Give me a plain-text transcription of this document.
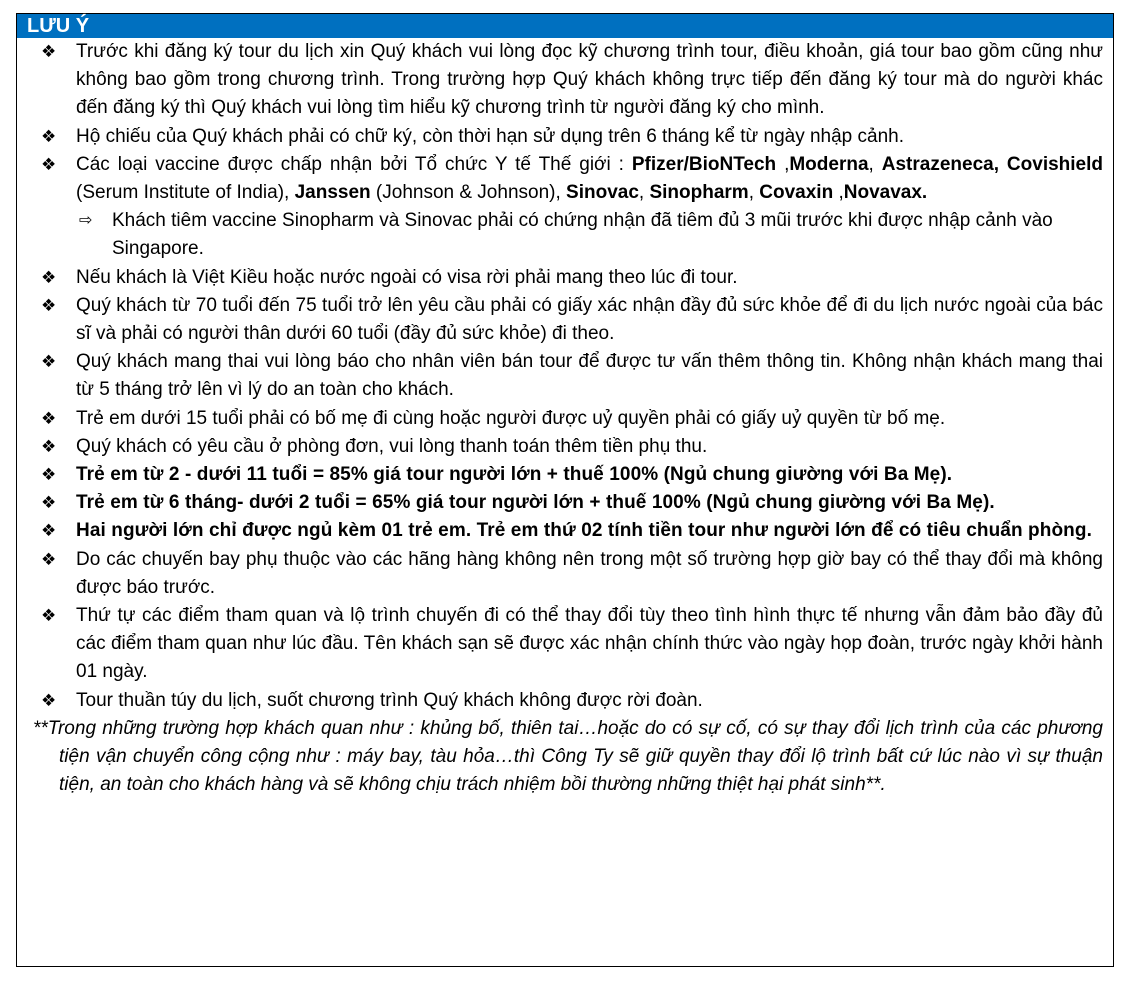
LƯU Ý
❖ Trước khi đăng ký tour du lịch xin Quý khách vui lòng đọc kỹ chương trình tour, điều khoản, giá tour bao gồm cũng như không bao gồm trong chương trình. Trong trường hợp Quý khách không trực tiếp đến đăng ký tour mà do người khác đến đăng ký thì Quý khách vui lòng tìm hiểu kỹ chương trình từ người đăng ký cho mình.
❖ Hộ chiếu của Quý khách phải có chữ ký, còn thời hạn sử dụng trên 6 tháng kể từ ngày nhập cảnh.
❖ Các loại vaccine được chấp nhận bởi Tổ chức Y tế Thế giới : Pfizer/BioNTech ,Moderna, Astrazeneca, Covishield (Serum Institute of India), Janssen (Johnson & Johnson), Sinovac, Sinopharm, Covaxin ,Novavax.
⇨ Khách tiêm vaccine Sinopharm và Sinovac phải có chứng nhận đã tiêm đủ 3 mũi trước khi được nhập cảnh vào Singapore.
❖ Nếu khách là Việt Kiều hoặc nước ngoài có visa rời phải mang theo lúc đi tour.
❖ Quý khách từ 70 tuổi đến 75 tuổi trở lên yêu cầu phải có giấy xác nhận đầy đủ sức khỏe để đi du lịch nước ngoài của bác sĩ và phải có người thân dưới 60 tuổi (đầy đủ sức khỏe) đi theo.
❖ Quý khách mang thai vui lòng báo cho nhân viên bán tour để được tư vấn thêm thông tin. Không nhận khách mang thai từ 5 tháng trở lên vì lý do an toàn cho khách.
❖ Trẻ em dưới 15 tuổi phải có bố mẹ đi cùng hoặc người được uỷ quyền phải có giấy uỷ quyền từ bố mẹ.
❖ Quý khách có yêu cầu ở phòng đơn, vui lòng thanh toán thêm tiền phụ thu.
❖ Trẻ em từ 2 - dưới 11 tuổi = 85% giá tour người lớn + thuế 100% (Ngủ chung giường với Ba Mẹ).
❖ Trẻ em từ 6 tháng- dưới 2 tuổi = 65% giá tour người lớn + thuế 100% (Ngủ chung giường với Ba Mẹ).
❖ Hai người lớn chỉ được ngủ kèm 01 trẻ em. Trẻ em thứ 02 tính tiền tour như người lớn để có tiêu chuẩn phòng.
❖ Do các chuyến bay phụ thuộc vào các hãng hàng không nên trong một số trường hợp giờ bay có thể thay đổi mà không được báo trước.
❖ Thứ tự các điểm tham quan và lộ trình chuyến đi có thể thay đổi tùy theo tình hình thực tế nhưng vẫn đảm bảo đầy đủ các điểm tham quan như lúc đầu. Tên khách sạn sẽ được xác nhận chính thức vào ngày họp đoàn, trước ngày khởi hành 01 ngày.
❖ Tour thuần túy du lịch, suốt chương trình Quý khách không được rời đoàn.
**Trong những trường hợp khách quan như : khủng bố, thiên tai…hoặc do có sự cố, có sự thay đổi lịch trình của các phương tiện vận chuyển công cộng như : máy bay, tàu hỏa…thì Công Ty sẽ giữ quyền thay đổi lộ trình bất cứ lúc nào vì sự thuận tiện, an toàn cho khách hàng và sẽ không chịu trách nhiệm bồi thường những thiệt hại phát sinh**.
